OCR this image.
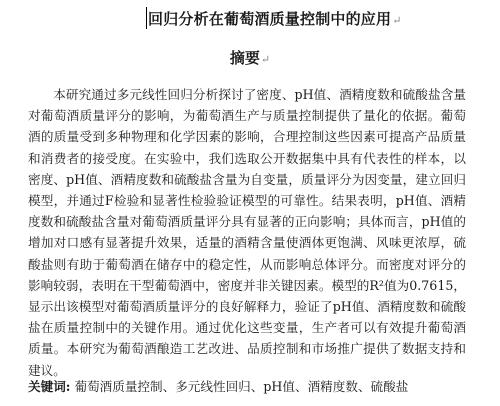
回归分析在葡萄酒质量控制中的应用↵
摘要↵
本研究通过多元线性回归分析探讨了密度、pH值、酒精度数和硫酸盐含量对葡萄酒质量评分的影响，为葡萄酒生产与质量控制提供了量化的依据。葡萄酒的质量受到多种物理和化学因素的影响，合理控制这些因素可提高产品质量和消费者的接受度。在实验中，我们选取公开数据集中具有代表性的样本，以密度、pH值、酒精度数和硫酸盐含量为自变量，质量评分为因变量，建立回归模型，并通过F检验和显著性检验验证模型的可靠性。结果表明，pH值、酒精度数和硫酸盐含量对葡萄酒质量评分具有显著的正向影响；具体而言，pH值的增加对口感有显著提升效果，适量的酒精含量使酒体更饱满、风味更浓厚，硫酸盐则有助于葡萄酒在储存中的稳定性，从而影响总体评分。而密度对评分的影响较弱，表明在干型葡萄酒中，密度并非关键因素。模型的R²值为0.7615，显示出该模型对葡萄酒质量评分的良好解释力，验证了pH值、酒精度数和硫酸盐在质量控制中的关键作用。通过优化这些变量，生产者可以有效提升葡萄酒质量。本研究为葡萄酒酿造工艺改进、品质控制和市场推广提供了数据支持和建议。
关键词: 葡萄酒质量控制、多元线性回归、pH值、酒精度数、硫酸盐
